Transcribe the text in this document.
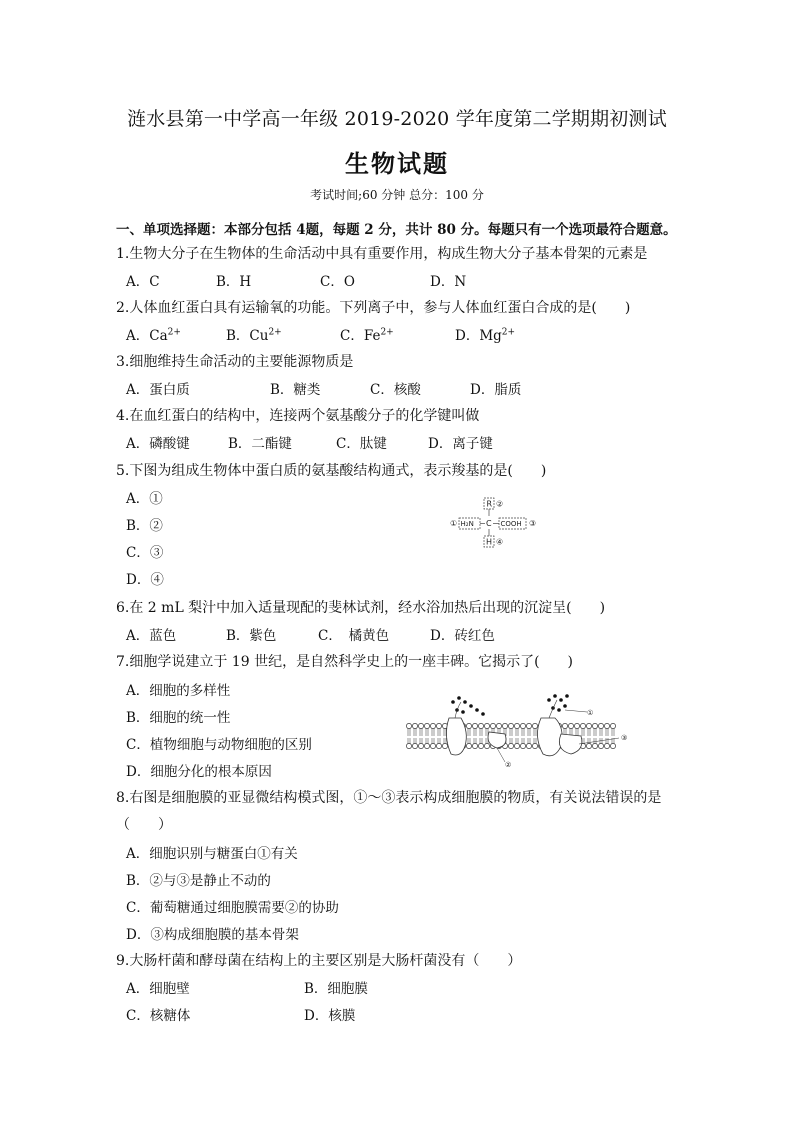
涟水县第一中学高一年级 2019-2020 学年度第二学期期初测试
生物试题
考试时间;60 分钟 总分：100 分
一、单项选择题：本部分包括 4题，每题 2 分，共计 80 分。每题只有一个选项最符合题意。
1.生物大分子在生物体的生命活动中具有重要作用，构成生物大分子基本骨架的元素是
A．C	B．H	C．O	D．N
2.人体血红蛋白具有运输氧的功能。下列离子中，参与人体血红蛋白合成的是(　　)
A．$Ca^{2+}$	B．$Cu^{2+}$	C．$Fe^{2+}$	D．$Mg^{2+}$
3.细胞维持生命活动的主要能源物质是
A．蛋白质	B．糖类	C．核酸	D．脂质
4.在血红蛋白的结构中，连接两个氨基酸分子的化学键叫做
A．磷酸键	B．二酯键	C．肽键	D．离子键
5.下图为组成生物体中蛋白质的氨基酸结构通式，表示羧基的是(　　)
A．①
B．②
C．③
D．④
R ②
① H₂N C COOH ③
H ④
6.在 2 mL 梨汁中加入适量现配的斐林试剂，经水浴加热后出现的沉淀呈(　　)
A．蓝色	B．紫色	C．　橘黄色	D．砖红色
7.细胞学说建立于 19 世纪，是自然科学史上的一座丰碑。它揭示了(　　)
A．细胞的多样性
B．细胞的统一性
C．植物细胞与动物细胞的区别
D．细胞分化的根本原因
①
②
③
8.右图是细胞膜的亚显微结构模式图，①～③表示构成细胞膜的物质，有关说法错误的是
（　　）
A．细胞识别与糖蛋白①有关
B．②与③是静止不动的
C．葡萄糖通过细胞膜需要②的协助
D．③构成细胞膜的基本骨架
9.大肠杆菌和酵母菌在结构上的主要区别是大肠杆菌没有（　　）
A．细胞壁	B．细胞膜
C．核糖体	D．核膜
